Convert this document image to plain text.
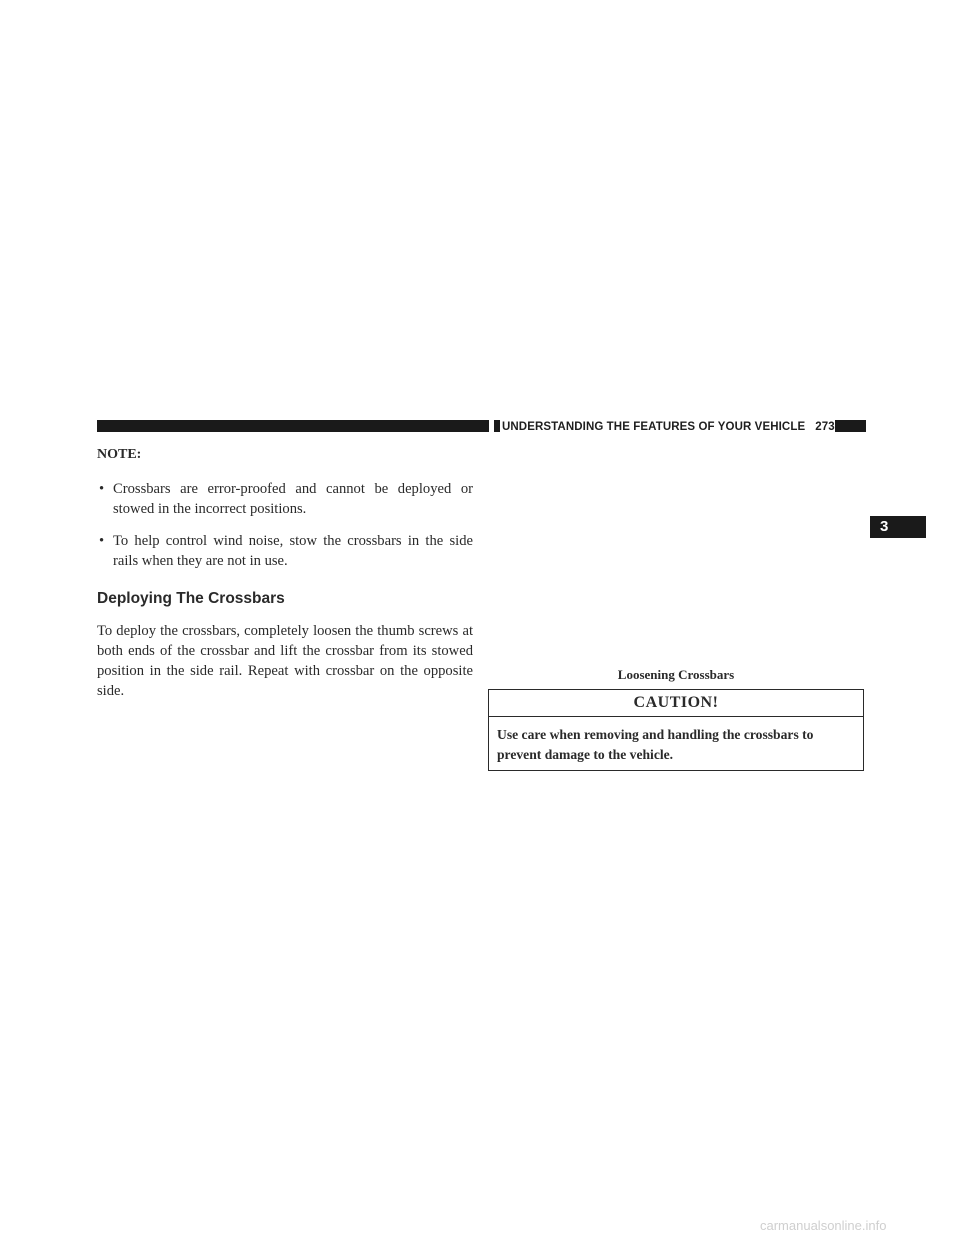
UNDERSTANDING THE FEATURES OF YOUR VEHICLE 273
3
NOTE:
• Crossbars are error-proofed and cannot be deployed or stowed in the incorrect positions.
• To help control wind noise, stow the crossbars in the side rails when they are not in use.
Deploying The Crossbars

To deploy the crossbars, completely loosen the thumb screws at both ends of the crossbar and lift the crossbar from its stowed position in the side rail. Repeat with crossbar on the opposite side.

Loosening Crossbars
CAUTION!
Use care when removing and handling the crossbars to prevent damage to the vehicle.
carmanualsonline.info
